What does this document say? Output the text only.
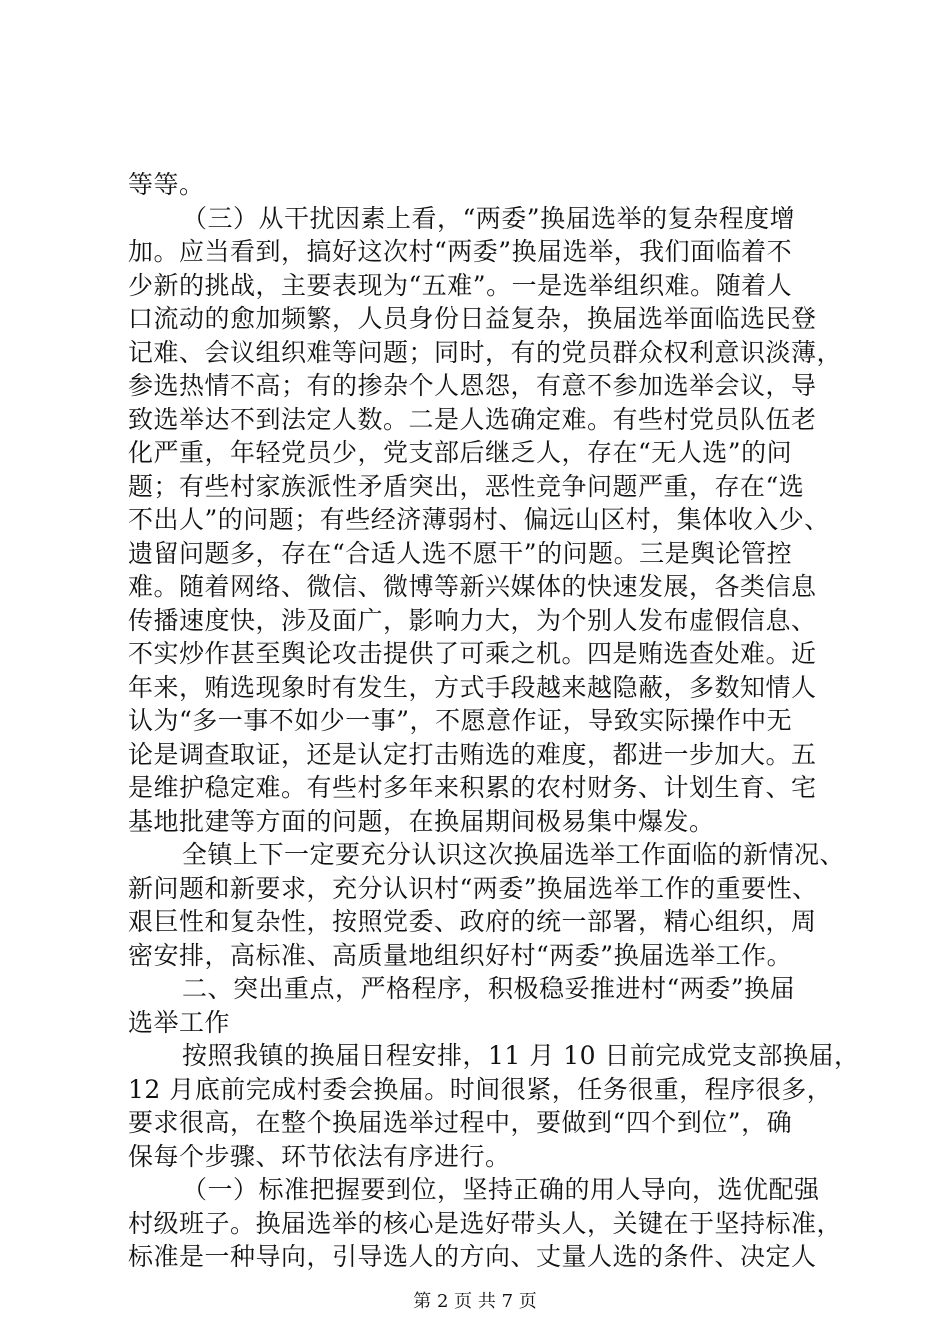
等等。
（三）从干扰因素上看，“两委”换届选举的复杂程度增
加。应当看到，搞好这次村“两委”换届选举，我们面临着不
少新的挑战，主要表现为“五难”。一是选举组织难。随着人
口流动的愈加频繁，人员身份日益复杂，换届选举面临选民登
记难、会议组织难等问题；同时，有的党员群众权利意识淡薄，
参选热情不高；有的掺杂个人恩怨，有意不参加选举会议，导
致选举达不到法定人数。二是人选确定难。有些村党员队伍老
化严重，年轻党员少，党支部后继乏人，存在“无人选”的问
题；有些村家族派性矛盾突出，恶性竞争问题严重，存在“选
不出人”的问题；有些经济薄弱村、偏远山区村，集体收入少、
遗留问题多，存在“合适人选不愿干”的问题。三是舆论管控
难。随着网络、微信、微博等新兴媒体的快速发展，各类信息
传播速度快，涉及面广，影响力大，为个别人发布虚假信息、
不实炒作甚至舆论攻击提供了可乘之机。四是贿选查处难。近
年来，贿选现象时有发生，方式手段越来越隐蔽，多数知情人
认为“多一事不如少一事”，不愿意作证，导致实际操作中无
论是调查取证，还是认定打击贿选的难度，都进一步加大。五
是维护稳定难。有些村多年来积累的农村财务、计划生育、宅
基地批建等方面的问题，在换届期间极易集中爆发。
全镇上下一定要充分认识这次换届选举工作面临的新情况、
新问题和新要求，充分认识村“两委”换届选举工作的重要性、
艰巨性和复杂性，按照党委、政府的统一部署，精心组织，周
密安排，高标准、高质量地组织好村“两委”换届选举工作。
二、突出重点，严格程序，积极稳妥推进村“两委”换届
选举工作
按照我镇的换届日程安排，11 月 10 日前完成党支部换届，
12 月底前完成村委会换届。时间很紧，任务很重，程序很多，
要求很高，在整个换届选举过程中，要做到“四个到位”，确
保每个步骤、环节依法有序进行。
（一）标准把握要到位，坚持正确的用人导向，选优配强
村级班子。换届选举的核心是选好带头人，关键在于坚持标准，
标准是一种导向，引导选人的方向、丈量人选的条件、决定人
第 2 页 共 7 页
